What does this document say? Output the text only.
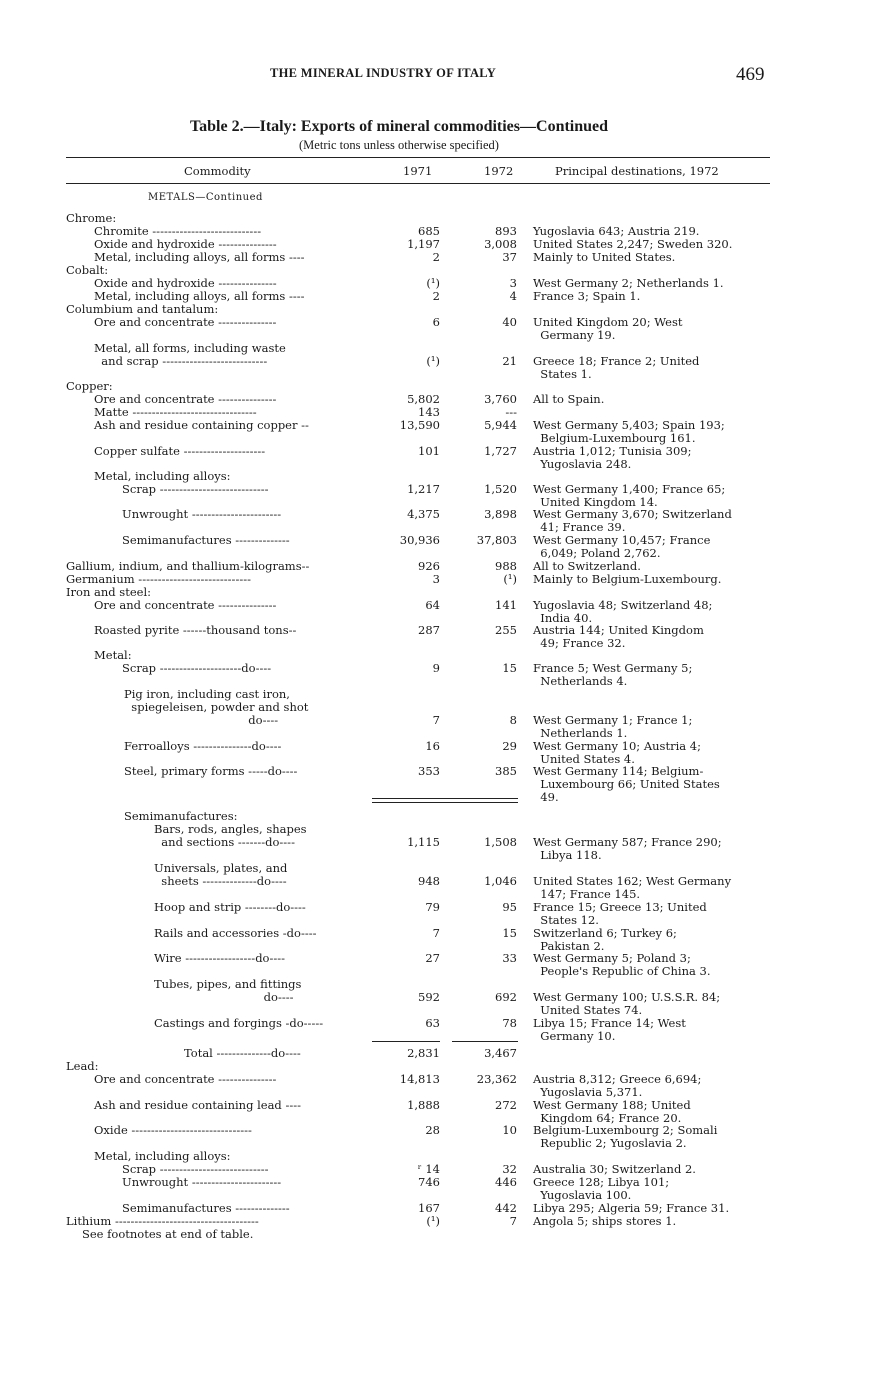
THE MINERAL INDUSTRY OF ITALY	469
Table 2.—Italy: Exports of mineral commodities—Continued
(Metric tons unless otherwise specified)
Commodity	1971	1972	Principal destinations, 1972
METALS—Continued
Chrome:
Chromite ----------------------------	685	893 Yugoslavia 643; Austria 219.
Oxide and hydroxide ---------------	1,197	3,008 United States 2,247; Sweden 320.
Metal, including alloys, all forms ----	2	37 Mainly to United States.
Cobalt:
Oxide and hydroxide ---------------	(¹)	3 West Germany 2; Netherlands 1.
Metal, including alloys, all forms ----	2	4 France 3; Spain 1.
Columbium and tantalum:
Ore and concentrate ---------------	6	40 United Kingdom 20; West
Germany 19.
Metal, all forms, including waste
and scrap ---------------------------	(¹)	21 Greece 18; France 2; United
States 1.
Copper:
Ore and concentrate ---------------	5,802	3,760 All to Spain.
Matte --------------------------------	143	---
Ash and residue containing copper --	13,590	5,944 West Germany 5,403; Spain 193;
Belgium-Luxembourg 161.
Copper sulfate ---------------------	101	1,727 Austria 1,012; Tunisia 309;
Yugoslavia 248.
Metal, including alloys:
Scrap ----------------------------	1,217	1,520 West Germany 1,400; France 65;
United Kingdom 14.
Unwrought -----------------------	4,375	3,898 West Germany 3,670; Switzerland
41; France 39.
Semimanufactures --------------	30,936	37,803 West Germany 10,457; France
6,049; Poland 2,762.
Gallium, indium, and thallium-kilograms--	926	988 All to Switzerland.
Germanium -----------------------------	3	(¹) Mainly to Belgium-Luxembourg.
Iron and steel:
Ore and concentrate ---------------	64	141 Yugoslavia 48; Switzerland 48;
India 40.
Roasted pyrite ------thousand tons--	287	255 Austria 144; United Kingdom
49; France 32.
Metal:
Scrap ---------------------do----	9	15 France 5; West Germany 5;
Netherlands 4.
Pig iron, including cast iron,
spiegeleisen, powder and shot
do----	7	8 West Germany 1; France 1;
Netherlands 1.
Ferroalloys ---------------do----	16	29 West Germany 10; Austria 4;
United States 4.
Steel, primary forms -----do----	353	385 West Germany 114; Belgium-
Luxembourg 66; United States
49.
Semimanufactures:
Bars, rods, angles, shapes
and sections -------do----	1,115	1,508 West Germany 587; France 290;
Libya 118.
Universals, plates, and
sheets --------------do----	948	1,046 United States 162; West Germany
147; France 145.
Hoop and strip --------do----	79	95 France 15; Greece 13; United
States 12.
Rails and accessories -do----	7	15 Switzerland 6; Turkey 6;
Pakistan 2.
Wire ------------------do----	27	33 West Germany 5; Poland 3;
People's Republic of China 3.
Tubes, pipes, and fittings
do----	592	692 West Germany 100; U.S.S.R. 84;
United States 74.
Castings and forgings -do-----	63	78 Libya 15; France 14; West
Germany 10.
Total --------------do----	2,831	3,467
Lead:
Ore and concentrate ---------------	14,813	23,362 Austria 8,312; Greece 6,694;
Yugoslavia 5,371.
Ash and residue containing lead ----	1,888	272 West Germany 188; United
Kingdom 64; France 20.
Oxide -------------------------------	28	10 Belgium-Luxembourg 2; Somali
Republic 2; Yugoslavia 2.
Metal, including alloys:
Scrap ----------------------------	ʳ 14	32 Australia 30; Switzerland 2.
Unwrought -----------------------	746	446 Greece 128; Libya 101;
Yugoslavia 100.
Semimanufactures --------------	167	442 Libya 295; Algeria 59; France 31.
Lithium -------------------------------------	(¹)	7 Angola 5; ships stores 1.
See footnotes at end of table.
